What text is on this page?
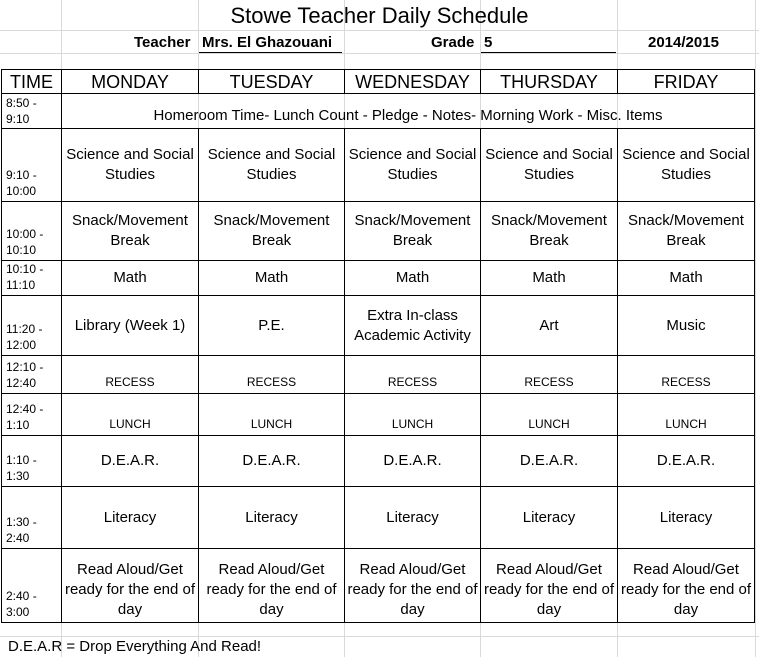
Stowe Teacher Daily Schedule
Teacher Mrs. El Ghazouani	Grade 5	2014/2015
TIME	MONDAY	TUESDAY	WEDNESDAY	THURSDAY	FRIDAY
8:50 -
9:10	Homeroom Time- Lunch Count - Pledge - Notes- Morning Work - Misc. Items				
9:10 -
10:00	Science and Social Studies	Science and Social Studies	Science and Social Studies	Science and Social Studies	Science and Social Studies
10:00 -
10:10	Snack/Movement Break	Snack/Movement Break	Snack/Movement Break	Snack/Movement Break	Snack/Movement Break
10:10 -
11:10	Math	Math	Math	Math	Math
11:20 -
12:00	Library (Week 1)	P.E.	Extra In-class Academic Activity	Art	Music
12:10 -
12:40	RECESS	RECESS	RECESS	RECESS	RECESS
12:40 -
1:10	LUNCH	LUNCH	LUNCH	LUNCH	LUNCH
1:10 -
1:30	D.E.A.R.	D.E.A.R.	D.E.A.R.	D.E.A.R.	D.E.A.R.
1:30 -
2:40	Literacy	Literacy	Literacy	Literacy	Literacy
2:40 -
3:00	Read Aloud/Get ready for the end of day	Read Aloud/Get ready for the end of day	Read Aloud/Get ready for the end of day	Read Aloud/Get ready for the end of day	Read Aloud/Get ready for the end of day
D.E.A.R = Drop Everything And Read!
